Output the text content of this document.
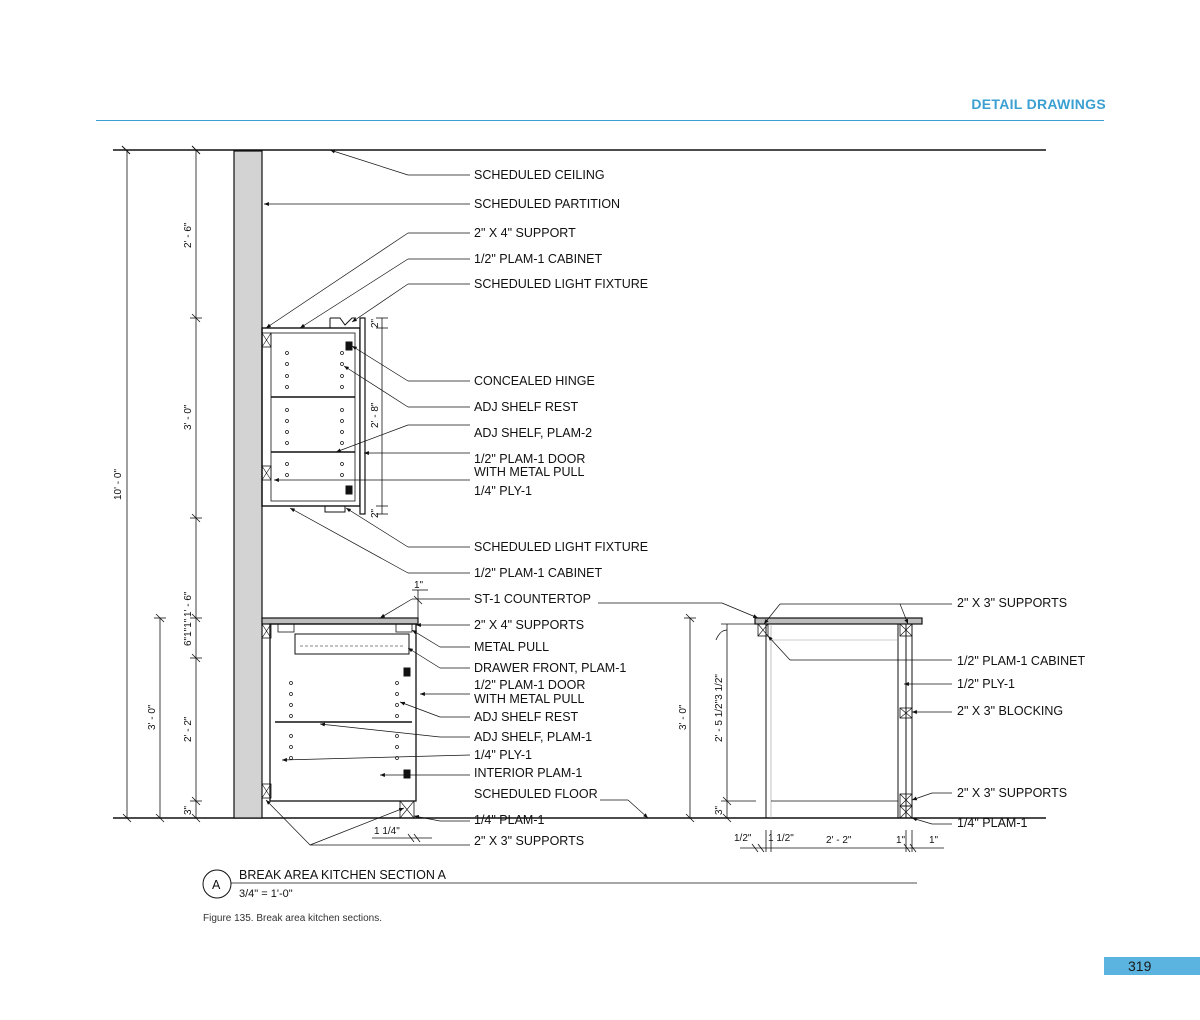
DETAIL DRAWINGS
10' - 0"
2' - 6"
3' - 0"
1' - 6"
6"1"1"
2' - 2"
3"
3' - 0"
2"
2' - 8"
2"
1"
1 1/4"
3' - 0"	2' - 5 1/2"3 1/2"
3"
1/2" 1 1/2"	2' - 2"	1" 1"
SCHEDULED CEILING
SCHEDULED PARTITION
2" X 4" SUPPORT
1/2" PLAM-1 CABINET
SCHEDULED LIGHT FIXTURE
CONCEALED HINGE
ADJ SHELF REST
ADJ SHELF, PLAM-2
1/2" PLAM-1 DOOR
WITH METAL PULL
1/4" PLY-1
SCHEDULED LIGHT FIXTURE
1/2" PLAM-1 CABINET
ST-1 COUNTERTOP
2" X 4" SUPPORTS
METAL PULL
DRAWER FRONT, PLAM-1
1/2" PLAM-1 DOOR
WITH METAL PULL
ADJ SHELF REST
ADJ SHELF, PLAM-1
1/4" PLY-1
INTERIOR PLAM-1
SCHEDULED FLOOR
1/4" PLAM-1
2" X 3" SUPPORTS
2" X 3" SUPPORTS
1/2" PLAM-1 CABINET
1/2" PLY-1
2" X 3" BLOCKING
2" X 3" SUPPORTS
1/4" PLAM-1
A
BREAK AREA KITCHEN SECTION A
3/4" = 1'-0"
Figure 135. Break area kitchen sections.
319
